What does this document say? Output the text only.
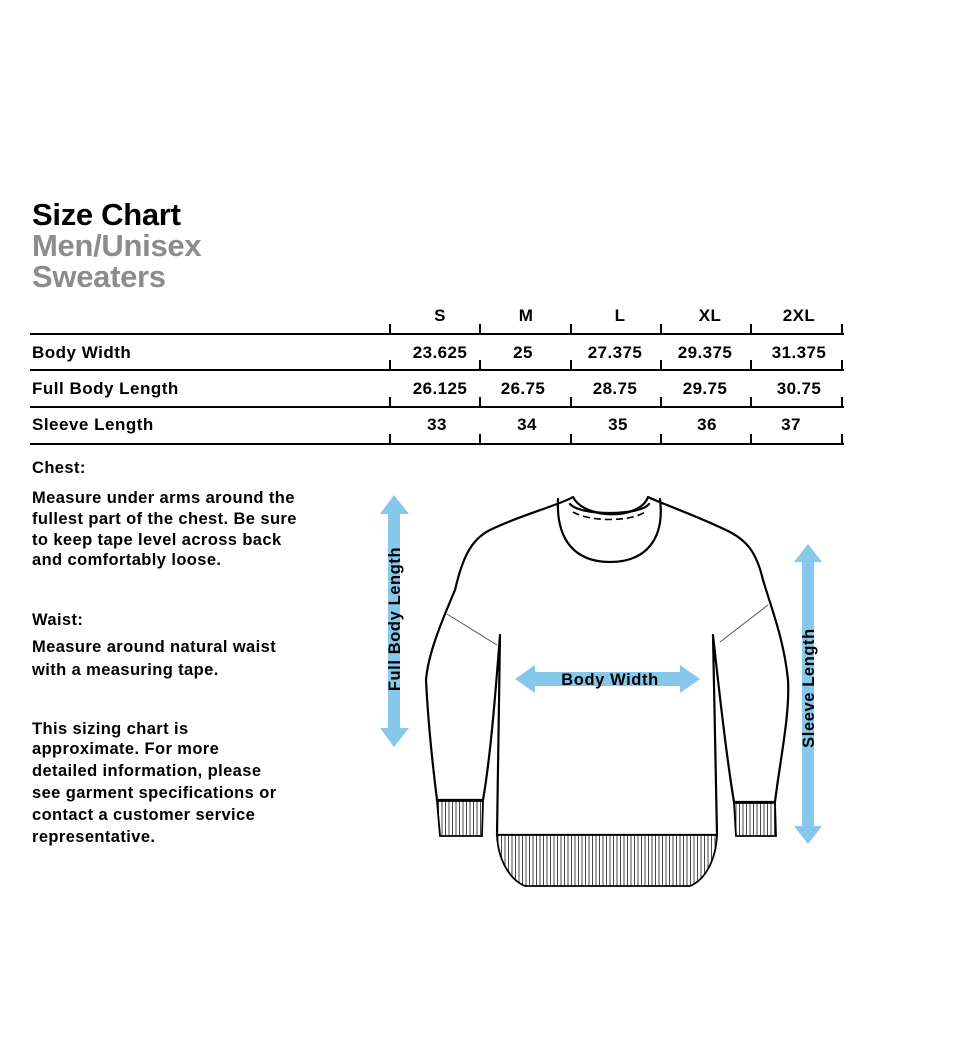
Size Chart
Men/Unisex
Sweaters
S	M	L	XL	2XL
Body Width	23.625	25	27.375	29.375	31.375
Full Body Length	26.125	26.75	28.75	29.75	30.75
Sleeve Length	33	34	35	36	37
Chest:
Measure under arms around the
fullest part of the chest. Be sure
to keep tape level across back
and comfortably loose.
Waist:
Measure around natural waist
with a measuring tape.
This sizing chart is
approximate. For more
detailed information, please
see garment specifications or
contact a customer service
representative.
Full Body Length	Body Width	Sleeve Length
